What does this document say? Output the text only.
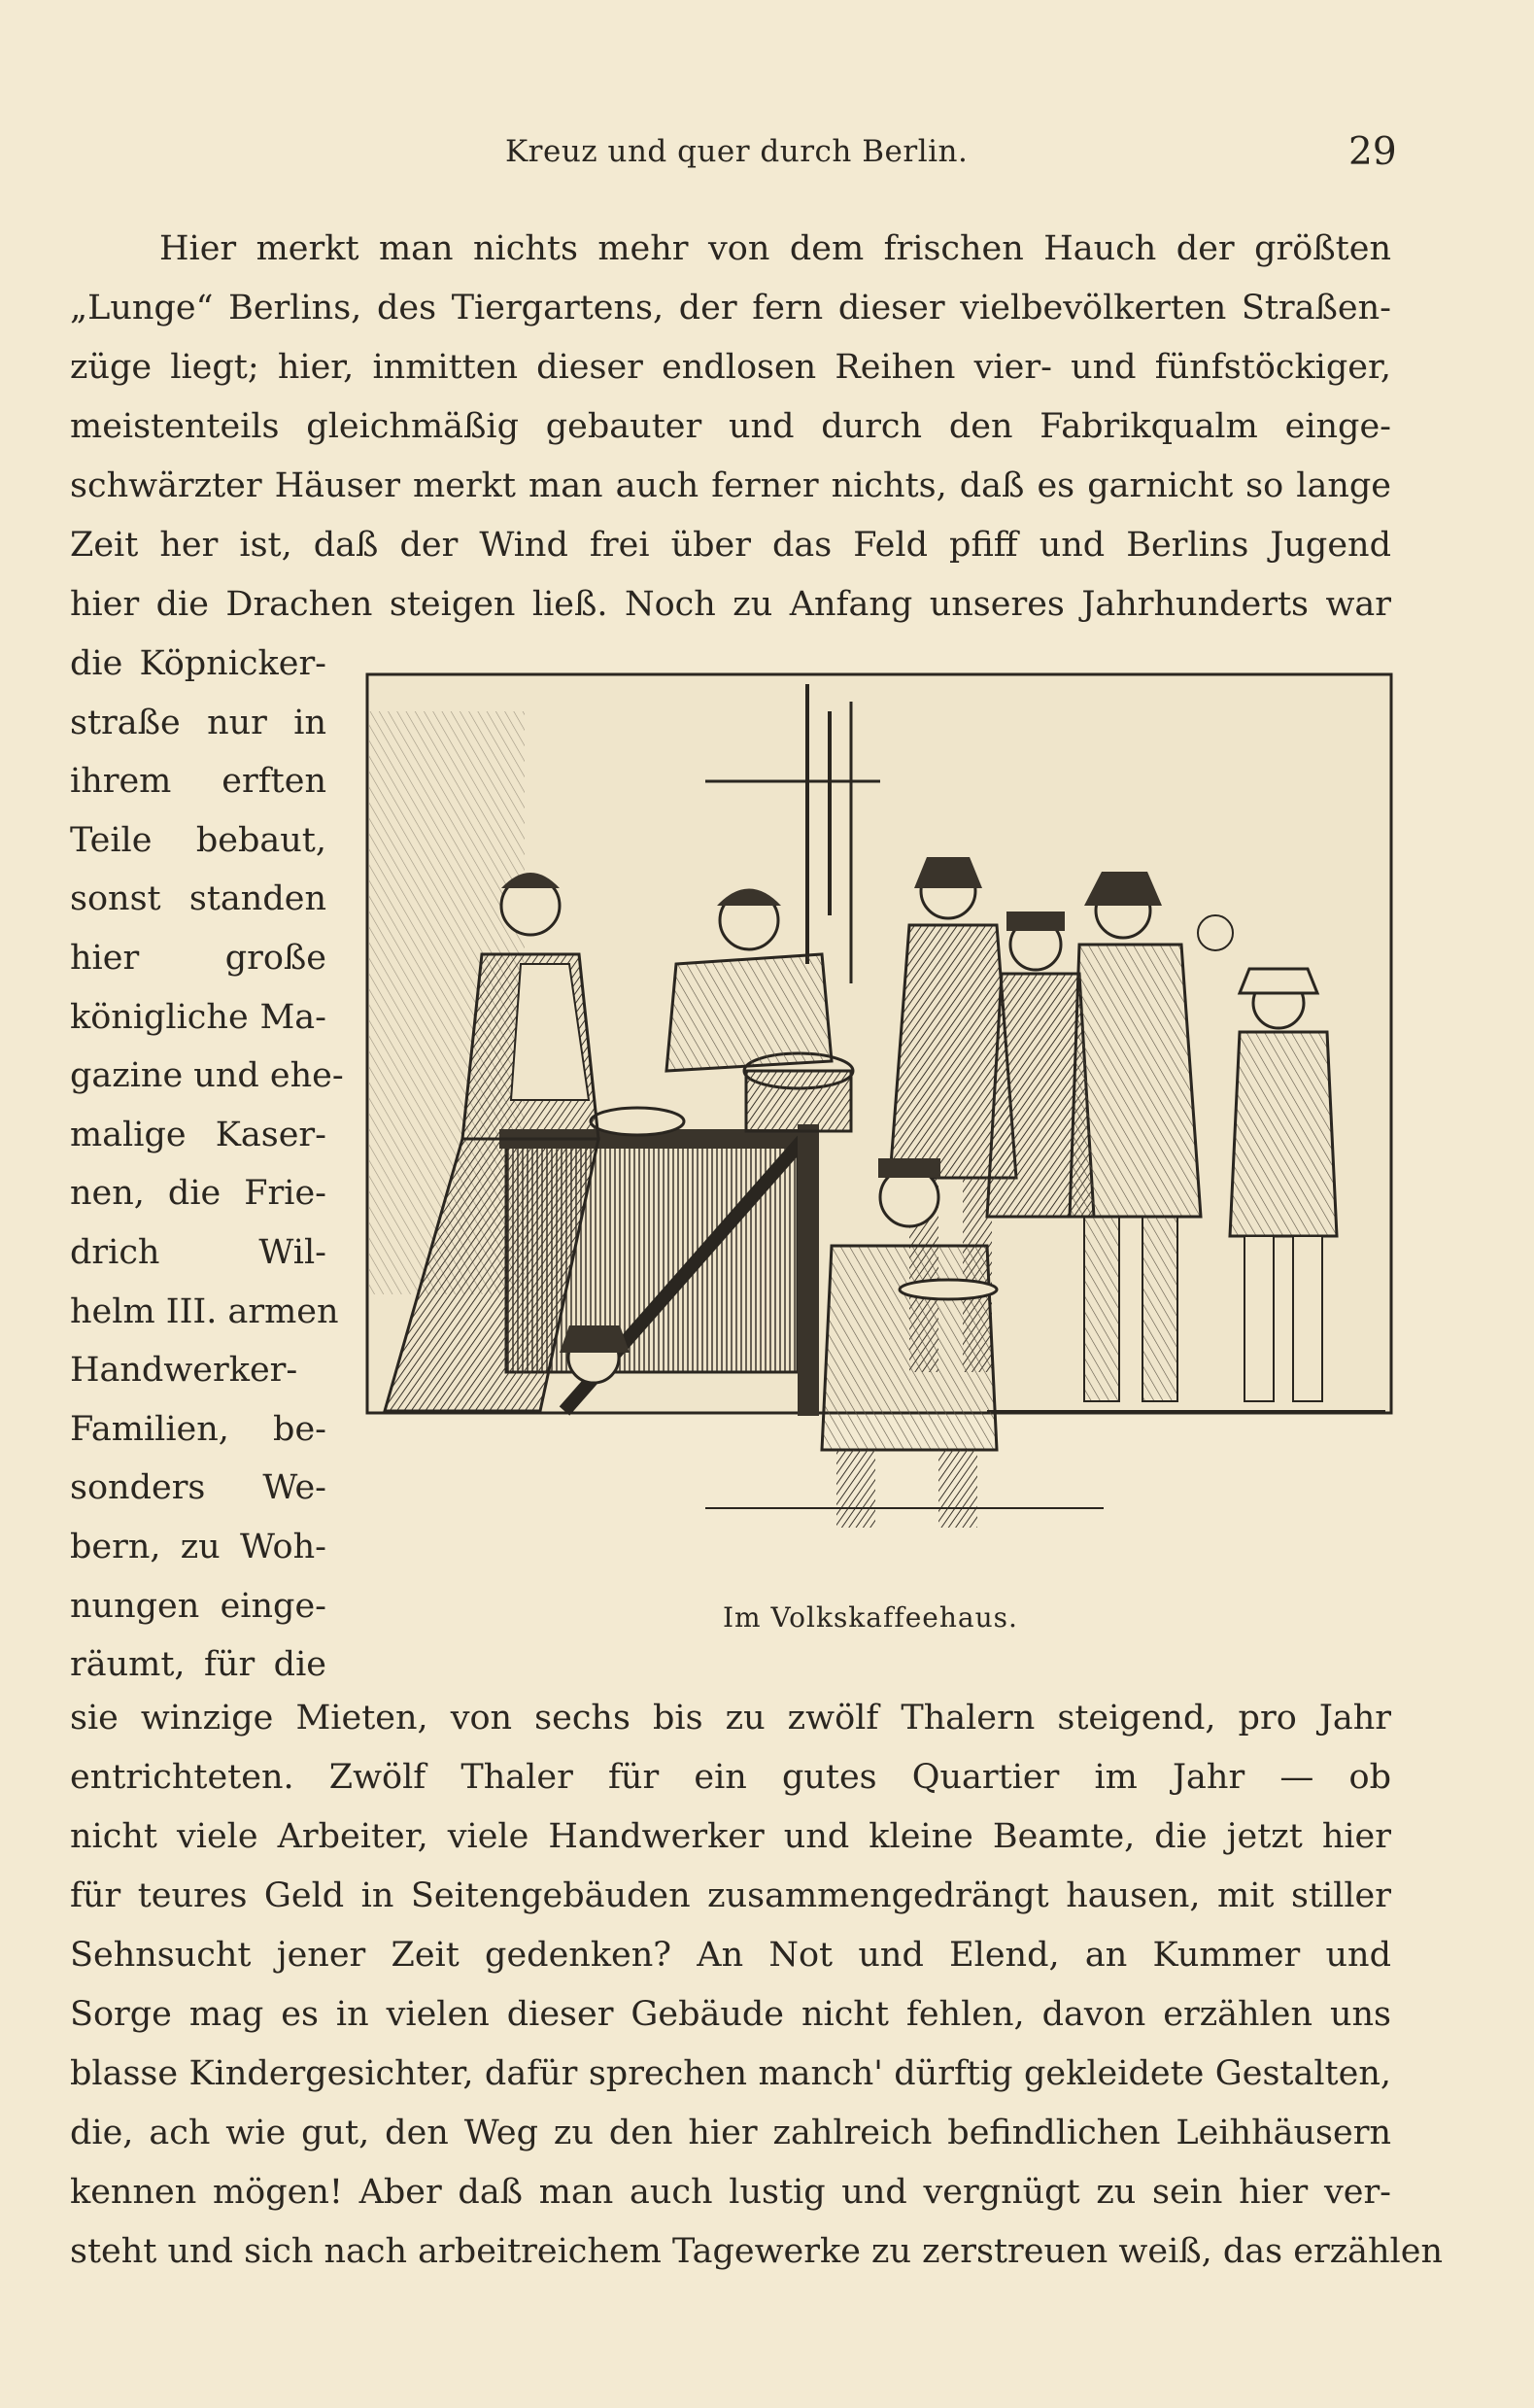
Kreuz und quer durch Berlin.	29
Hier merkt man nichts mehr von dem frischen Hauch der größten
„Lunge“ Berlins, des Tiergartens, der fern dieser vielbevölkerten Straßen-
züge liegt; hier, inmitten dieser endlosen Reihen vier- und fünfstöckiger,
meistenteils gleichmäßig gebauter und durch den Fabrikqualm einge-
schwärzter Häuser merkt man auch ferner nichts, daß es garnicht so lange
Zeit her ist, daß der Wind frei über das Feld pfiff und Berlins Jugend
hier die Drachen steigen ließ. Noch zu Anfang unseres Jahrhunderts war
die Köpnicker-
straße nur in
ihrem erften
Teile bebaut,
sonst standen
hier große
königliche Ma-
gazine und ehe-
malige Kaser-
nen, die Frie-
drich Wil-
helm III. armen
Handwerker-
Familien, be-
sonders We-
bern, zu Woh-
nungen einge-
räumt, für die
Im Volkskaffeehaus.
sie winzige Mieten, von sechs bis zu zwölf Thalern steigend, pro Jahr
entrichteten. Zwölf Thaler für ein gutes Quartier im Jahr — ob
nicht viele Arbeiter, viele Handwerker und kleine Beamte, die jetzt hier
für teures Geld in Seitengebäuden zusammengedrängt hausen, mit stiller
Sehnsucht jener Zeit gedenken? An Not und Elend, an Kummer und
Sorge mag es in vielen dieser Gebäude nicht fehlen, davon erzählen uns
blasse Kindergesichter, dafür sprechen manch' dürftig gekleidete Gestalten,
die, ach wie gut, den Weg zu den hier zahlreich befindlichen Leihhäusern
kennen mögen! Aber daß man auch lustig und vergnügt zu sein hier ver-
steht und sich nach arbeitreichem Tagewerke zu zerstreuen weiß, das erzählen
